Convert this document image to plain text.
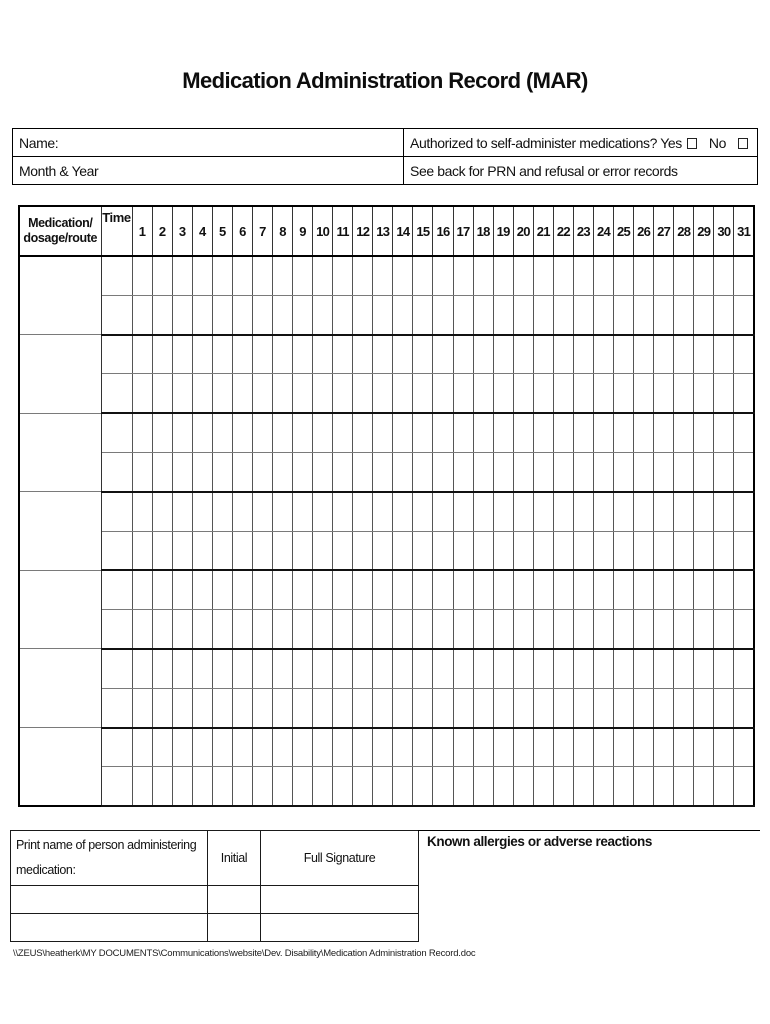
Medication Administration Record (MAR)
Name:	Authorized to self-administer medications? Yes No
Month & Year	See back for PRN and refusal or error records
Medication/
dosage/route	Time	1	2	3	4	5	6	7	8	9	10	11	12	13	14	15	16	17	18	19	20	21	22	23	24	25	26	27	28	29	30	31

Print name of person administering
medication:	Initial	Full Signature

Known allergies or adverse reactions
\\ZEUS\heatherk\MY DOCUMENTS\Communications\website\Dev. Disability\Medication Administration Record.doc
